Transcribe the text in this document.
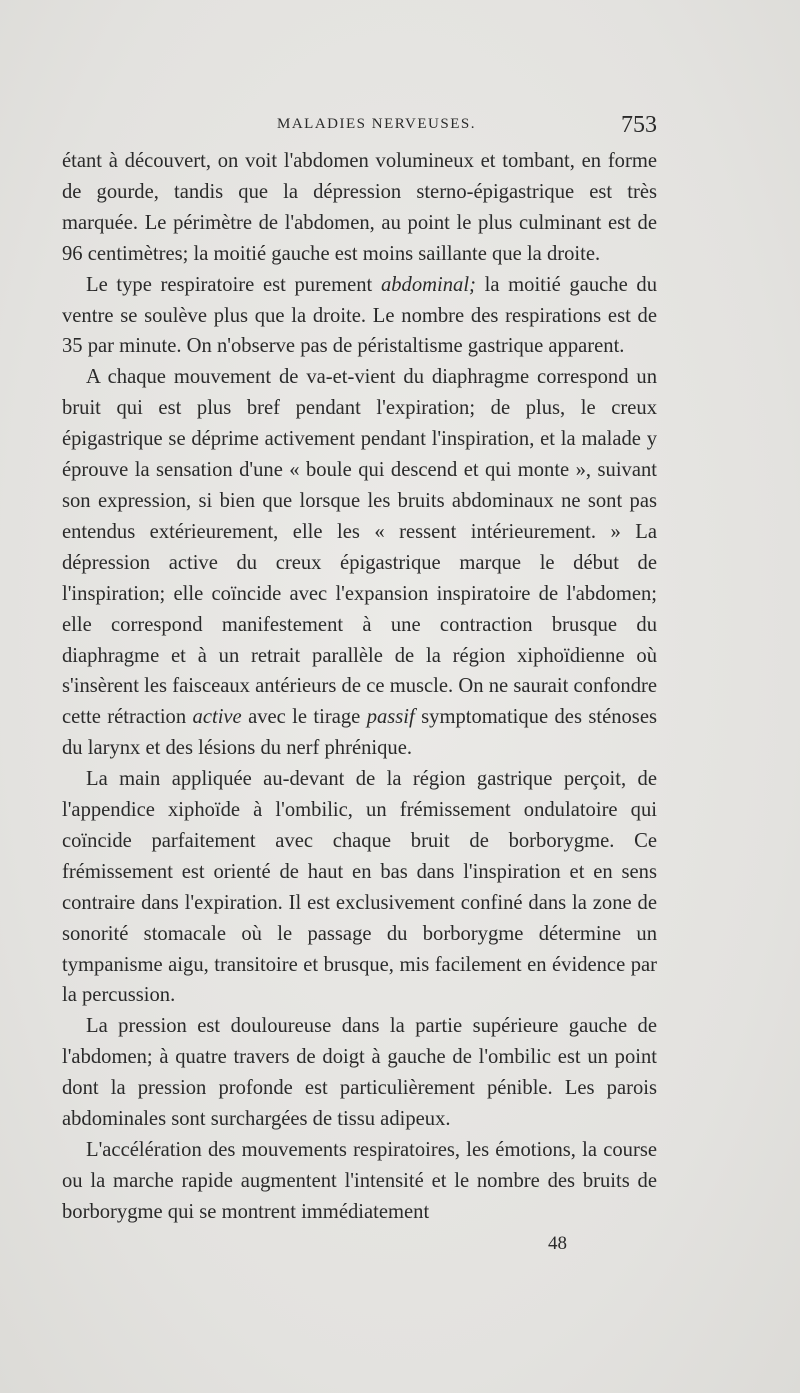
MALADIES NERVEUSES.	753

étant à découvert, on voit l'abdomen volumineux et tombant, en forme de gourde, tandis que la dépression sterno-épigastrique est très marquée. Le périmètre de l'abdomen, au point le plus culminant est de 96 centimètres; la moitié gauche est moins saillante que la droite.

Le type respiratoire est purement abdominal; la moitié gauche du ventre se soulève plus que la droite. Le nombre des respirations est de 35 par minute. On n'observe pas de péristaltisme gastrique apparent.

A chaque mouvement de va-et-vient du diaphragme correspond un bruit qui est plus bref pendant l'expiration; de plus, le creux épigastrique se déprime activement pendant l'inspiration, et la malade y éprouve la sensation d'une « boule qui descend et qui monte », suivant son expression, si bien que lorsque les bruits abdominaux ne sont pas entendus extérieurement, elle les « ressent intérieurement. » La dépression active du creux épigastrique marque le début de l'inspiration; elle coïncide avec l'expansion inspiratoire de l'abdomen; elle correspond manifestement à une contraction brusque du diaphragme et à un retrait parallèle de la région xiphoïdienne où s'insèrent les faisceaux antérieurs de ce muscle. On ne saurait confondre cette rétraction active avec le tirage passif symptomatique des sténoses du larynx et des lésions du nerf phrénique.

La main appliquée au-devant de la région gastrique perçoit, de l'appendice xiphoïde à l'ombilic, un frémissement ondulatoire qui coïncide parfaitement avec chaque bruit de borborygme. Ce frémissement est orienté de haut en bas dans l'inspiration et en sens contraire dans l'expiration. Il est exclusivement confiné dans la zone de sonorité stomacale où le passage du borborygme détermine un tympanisme aigu, transitoire et brusque, mis facilement en évidence par la percussion.

La pression est douloureuse dans la partie supérieure gauche de l'abdomen; à quatre travers de doigt à gauche de l'ombilic est un point dont la pression profonde est particulièrement pénible. Les parois abdominales sont surchargées de tissu adipeux.

L'accélération des mouvements respiratoires, les émotions, la course ou la marche rapide augmentent l'intensité et le nombre des bruits de borborygme qui se montrent immédiatement

48
